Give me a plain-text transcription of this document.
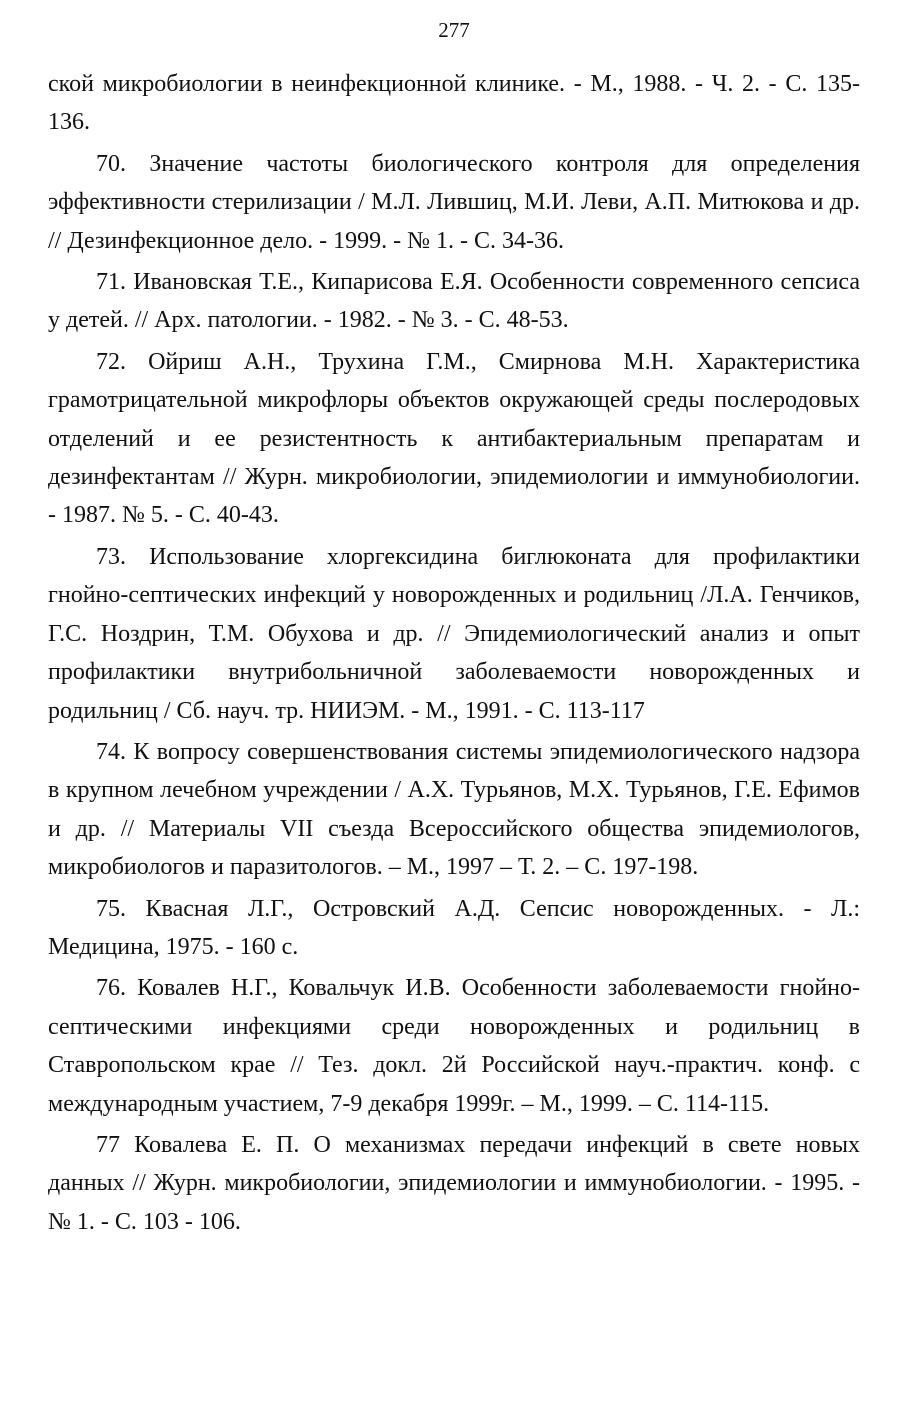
277

ской микробиологии в неинфекционной клинике. - М., 1988. - Ч. 2. - С. 135-136.

70. Значение частоты биологического контроля для определения эффективности стерилизации / М.Л. Лившиц, М.И. Леви, А.П. Митюкова и др. // Дезинфекционное дело. - 1999. - № 1. - С. 34-36.

71. Ивановская Т.Е., Кипарисова Е.Я. Особенности современного сепсиса у детей. // Арх. патологии. - 1982. - № 3. - С. 48-53.

72. Ойриш А.Н., Трухина Г.М., Смирнова М.Н. Характеристика грамотрицательной микрофлоры объектов окружающей среды послеродовых отделений и ее резистентность к антибактериальным препаратам и дезинфектантам // Журн. микробиологии, эпидемиологии и иммунобиологии. - 1987. № 5. - С. 40-43.

73. Использование хлоргексидина биглюконата для профилактики гнойно-септических инфекций у новорожденных и родильниц /Л.А. Генчиков, Г.С. Ноздрин, Т.М. Обухова и др. // Эпидемиологический анализ и опыт профилактики внутрибольничной заболеваемости новорожденных и родильниц / Сб. науч. тр. НИИЭМ. - М., 1991. - С. 113-117

74. К вопросу совершенствования системы эпидемиологического надзора в крупном лечебном учреждении / А.Х. Турьянов, М.Х. Турьянов, Г.Е. Ефимов и др. // Материалы VII съезда Всероссийского общества эпидемиологов, микробиологов и паразитологов. – М., 1997 – Т. 2. – С. 197-198.

75. Квасная Л.Г., Островский А.Д. Сепсис новорожденных. - Л.: Медицина, 1975. - 160 с.

76. Ковалев Н.Г., Ковальчук И.В. Особенности заболеваемости гнойно-септическими инфекциями среди новорожденных и родильниц в Ставропольском крае // Тез. докл. 2й Российской науч.-практич. конф. с международным участием, 7-9 декабря 1999г. – М., 1999. – С. 114-115.

77 Ковалева Е. П. О механизмах передачи инфекций в свете новых данных // Журн. микробиологии, эпидемиологии и иммунобиологии. - 1995. - № 1. - С. 103 - 106.
